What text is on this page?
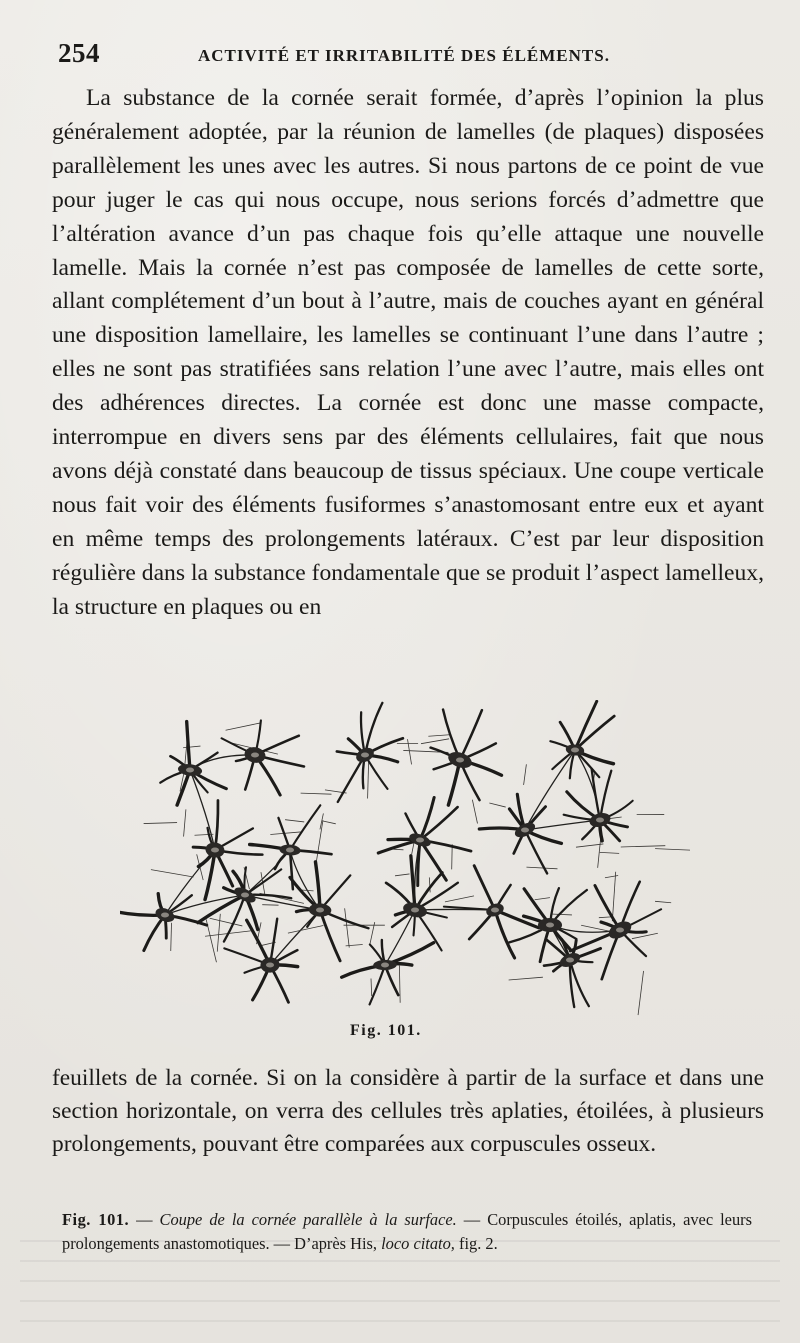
254	ACTIVITÉ ET IRRITABILITÉ DES ÉLÉMENTS.

La substance de la cornée serait formée, d’après l’opinion la plus généralement adoptée, par la réunion de lamelles (de plaques) disposées parallèlement les unes avec les autres. Si nous partons de ce point de vue pour juger le cas qui nous occupe, nous serions forcés d’admettre que l’altération avance d’un pas chaque fois qu’elle attaque une nouvelle lamelle. Mais la cornée n’est pas composée de lamelles de cette sorte, allant complétement d’un bout à l’autre, mais de couches ayant en général une disposition lamellaire, les lamelles se continuant l’une dans l’autre ; elles ne sont pas stratifiées sans relation l’une avec l’autre, mais elles ont des adhérences directes. La cornée est donc une masse compacte, interrompue en divers sens par des éléments cellulaires, fait que nous avons déjà constaté dans beaucoup de tissus spéciaux. Une coupe verticale nous fait voir des éléments fusiformes s’anastomosant entre eux et ayant en même temps des prolongements latéraux. C’est par leur disposition régulière dans la substance fondamentale que se produit l’aspect lamelleux, la structure en plaques ou en

Fig. 101.

feuillets de la cornée. Si on la considère à partir de la surface et dans une section horizontale, on verra des cellules très aplaties, étoilées, à plusieurs prolongements, pouvant être comparées aux corpuscules osseux.

Fig. 101. — Coupe de la cornée parallèle à la surface. — Corpuscules étoilés, aplatis, avec leurs prolongements anastomotiques. — D’après His, loco citato, fig. 2.
